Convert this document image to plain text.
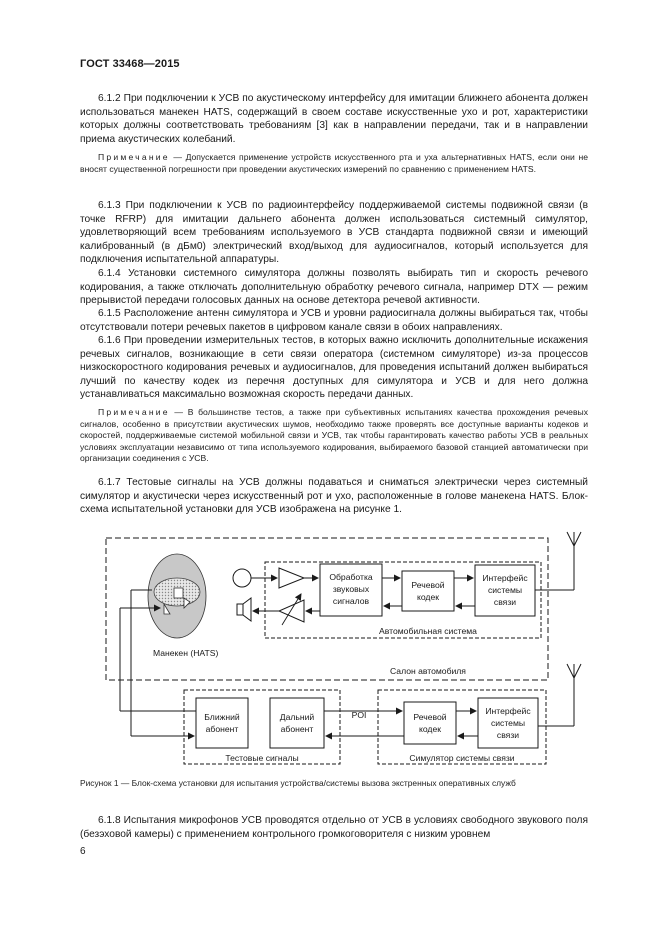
ГОСТ 33468—2015

6.1.2 При подключении к УСВ по акустическому интерфейсу для имитации ближнего абонента должен использоваться манекен HATS, содержащий в своем составе искусственные ухо и рот, характеристики которых должны соответствовать требованиям [3] как в направлении передачи, так и в направлении приема акустических колебаний.

Примечание — Допускается применение устройств искусственного рта и уха альтернативных HATS, если они не вносят существенной погрешности при проведении акустических измерений по сравнению с применением HATS.

6.1.3 При подключении к УСВ по радиоинтерфейсу поддерживаемой системы подвижной связи (в точке RFRP) для имитации дальнего абонента должен использоваться системный симулятор, удовлетворяющий всем требованиям используемого в УСВ стандарта подвижной связи и имеющий калиброванный (в дБм0) электрический вход/выход для аудиосигналов, который используется для подключения испытательной аппаратуры.

6.1.4 Установки системного симулятора должны позволять выбирать тип и скорость речевого кодирования, а также отключать дополнительную обработку речевого сигнала, например DTX — режим прерывистой передачи голосовых данных на основе детектора речевой активности.

6.1.5 Расположение антенн симулятора и УСВ и уровни радиосигнала должны выбираться так, чтобы отсутствовали потери речевых пакетов в цифровом канале связи в обоих направлениях.

6.1.6 При проведении измерительных тестов, в которых важно исключить дополнительные искажения речевых сигналов, возникающие в сети связи оператора (системном симуляторе) из-за процессов низкоскоростного кодирования речевых и аудиосигналов, для проведения испытаний должен выбираться лучший по качеству кодек из перечня доступных для симулятора и УСВ и для него должна устанавливаться максимально возможная скорость передачи данных.

Примечание — В большинстве тестов, а также при субъективных испытаниях качества прохождения речевых сигналов, особенно в присутствии акустических шумов, необходимо также проверять все доступные варианты кодеков и скоростей, поддерживаемые системой мобильной связи и УСВ, так чтобы гарантировать качество работы УСВ в реальных условиях эксплуатации независимо от типа используемого кодирования, выбираемого базовой станцией автоматически при организации соединения с УСВ.

6.1.7 Тестовые сигналы на УСВ должны подаваться и сниматься электрически через системный симулятор и акустически через искусственный рот и ухо, расположенные в голове манекена HATS. Блок-схема испытательной установки для УСВ изображена на рисунке 1.

Манекен (HATS)
Обработка
звуковых
сигналов
Речевой
кодек
Интерфейс
системы
связи
Автомобильная система
Салон автомобиля
Ближний
абонент
Дальний
абонент
Тестовые сигналы
Речевой
кодек
Интерфейс
системы
связи
Симулятор системы связи
POI
Рисунок 1 — Блок-схема установки для испытания устройства/системы вызова экстренных оперативных служб

6.1.8 Испытания микрофонов УСВ проводятся отдельно от УСВ в условиях свободного звукового поля (безэховой камеры) с применением контрольного громкоговорителя с низким уровнем

6
